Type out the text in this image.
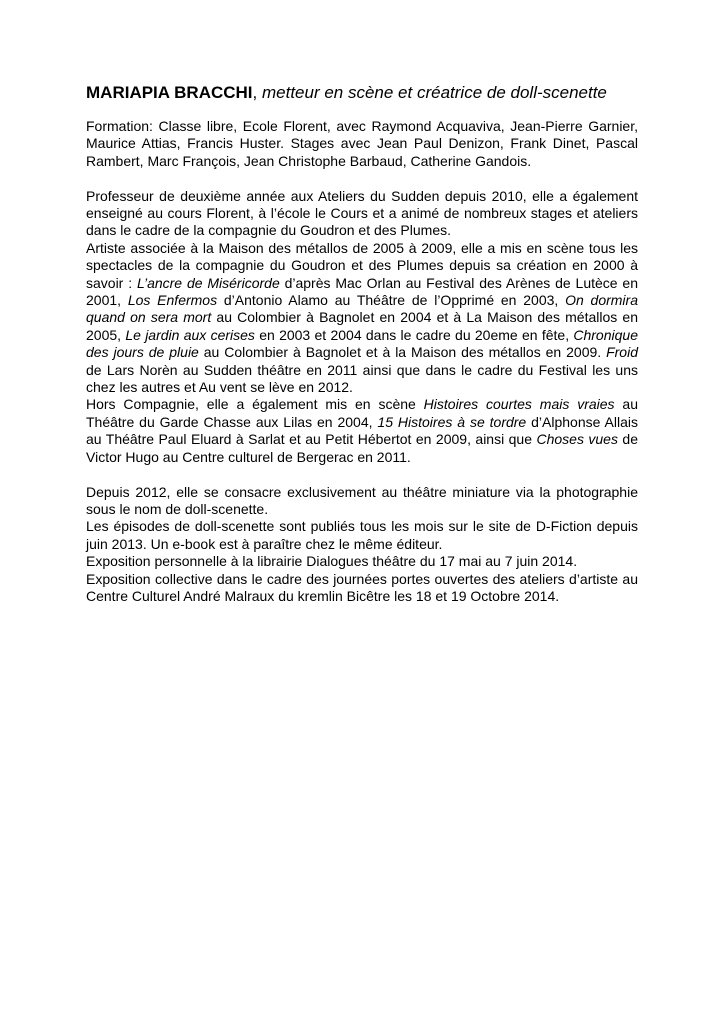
MARIAPIA BRACCHI, metteur en scène et créatrice de doll-scenette

Formation: Classe libre, Ecole Florent, avec Raymond Acquaviva, Jean-Pierre Garnier, Maurice Attias, Francis Huster. Stages avec Jean Paul Denizon, Frank Dinet, Pascal Rambert, Marc François, Jean Christophe Barbaud, Catherine Gandois.

Professeur de deuxième année aux Ateliers du Sudden depuis 2010, elle a également enseigné au cours Florent, à l’école le Cours et a animé de nombreux stages et ateliers dans le cadre de la compagnie du Goudron et des Plumes.

Artiste associée à la Maison des métallos de 2005 à 2009, elle a mis en scène tous les spectacles de la compagnie du Goudron et des Plumes depuis sa création en 2000 à savoir : L’ancre de Miséricorde d’après Mac Orlan au Festival des Arènes de Lutèce en 2001, Los Enfermos d’Antonio Alamo au Théâtre de l’Opprimé en 2003, On dormira quand on sera mort au Colombier à Bagnolet en 2004 et à La Maison des métallos en 2005, Le jardin aux cerises en 2003 et 2004 dans le cadre du 20eme en fête, Chronique des jours de pluie au Colombier à Bagnolet et à la Maison des métallos en 2009. Froid de Lars Norèn au Sudden théâtre en 2011 ainsi que dans le cadre du Festival les uns chez les autres et Au vent se lève en 2012.

Hors Compagnie, elle a également mis en scène Histoires courtes mais vraies au Théâtre du Garde Chasse aux Lilas en 2004, 15 Histoires à se tordre d’Alphonse Allais au Théâtre Paul Eluard à Sarlat et au Petit Hébertot en 2009, ainsi que Choses vues de Victor Hugo au Centre culturel de Bergerac en 2011.

Depuis 2012, elle se consacre exclusivement au théâtre miniature via la photographie sous le nom de doll-scenette.

Les épisodes de doll-scenette sont publiés tous les mois sur le site de D-Fiction depuis juin 2013. Un e-book est à paraître chez le même éditeur.

Exposition personnelle à la librairie Dialogues théâtre du 17 mai au 7 juin 2014.

Exposition collective dans le cadre des journées portes ouvertes des ateliers d’artiste au Centre Culturel André Malraux du kremlin Bicêtre les 18 et 19 Octobre 2014.
